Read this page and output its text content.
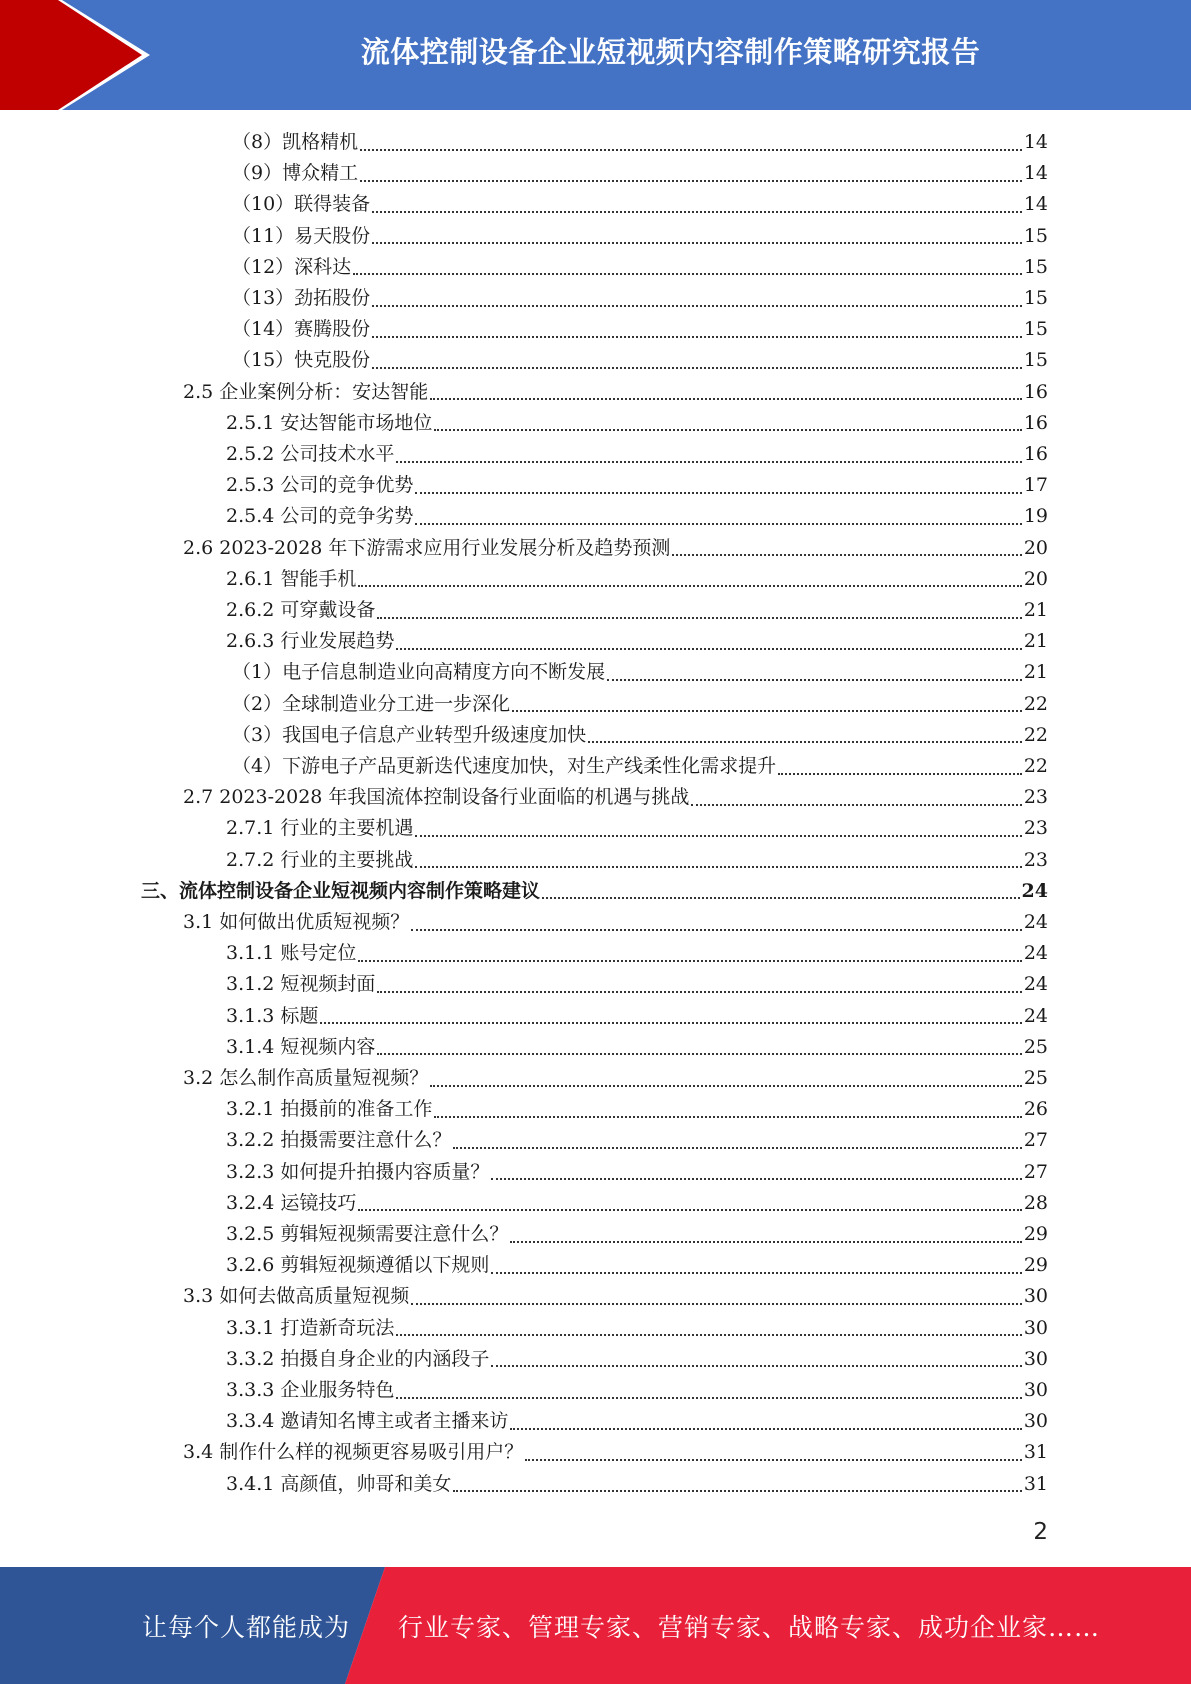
流体控制设备企业短视频内容制作策略研究报告
（8）凯格精机	14
（9）博众精工	14
（10）联得装备	14
（11）易天股份	15
（12）深科达	15
（13）劲拓股份	15
（14）赛腾股份	15
（15）快克股份	15
2.5 企业案例分析：安达智能	16
2.5.1 安达智能市场地位	16
2.5.2 公司技术水平	16
2.5.3 公司的竞争优势	17
2.5.4 公司的竞争劣势	19
2.6 2023-2028 年下游需求应用行业发展分析及趋势预测	20
2.6.1 智能手机	20
2.6.2 可穿戴设备	21
2.6.3 行业发展趋势	21
（1）电子信息制造业向高精度方向不断发展	21
（2）全球制造业分工进一步深化	22
（3）我国电子信息产业转型升级速度加快	22
（4）下游电子产品更新迭代速度加快，对生产线柔性化需求提升	22
2.7 2023-2028 年我国流体控制设备行业面临的机遇与挑战	23
2.7.1 行业的主要机遇	23
2.7.2 行业的主要挑战	23
三、流体控制设备企业短视频内容制作策略建议	24
3.1 如何做出优质短视频？	24
3.1.1 账号定位	24
3.1.2 短视频封面	24
3.1.3 标题	24
3.1.4 短视频内容	25
3.2 怎么制作高质量短视频？	25
3.2.1 拍摄前的准备工作	26
3.2.2 拍摄需要注意什么？	27
3.2.3 如何提升拍摄内容质量？	27
3.2.4 运镜技巧	28
3.2.5 剪辑短视频需要注意什么？	29
3.2.6 剪辑短视频遵循以下规则	29
3.3 如何去做高质量短视频	30
3.3.1 打造新奇玩法	30
3.3.2 拍摄自身企业的内涵段子	30
3.3.3 企业服务特色	30
3.3.4 邀请知名博主或者主播来访	30
3.4 制作什么样的视频更容易吸引用户？	31
3.4.1 高颜值，帅哥和美女	31
2
让每个人都能成为 行业专家、管理专家、营销专家、战略专家、成功企业家……
